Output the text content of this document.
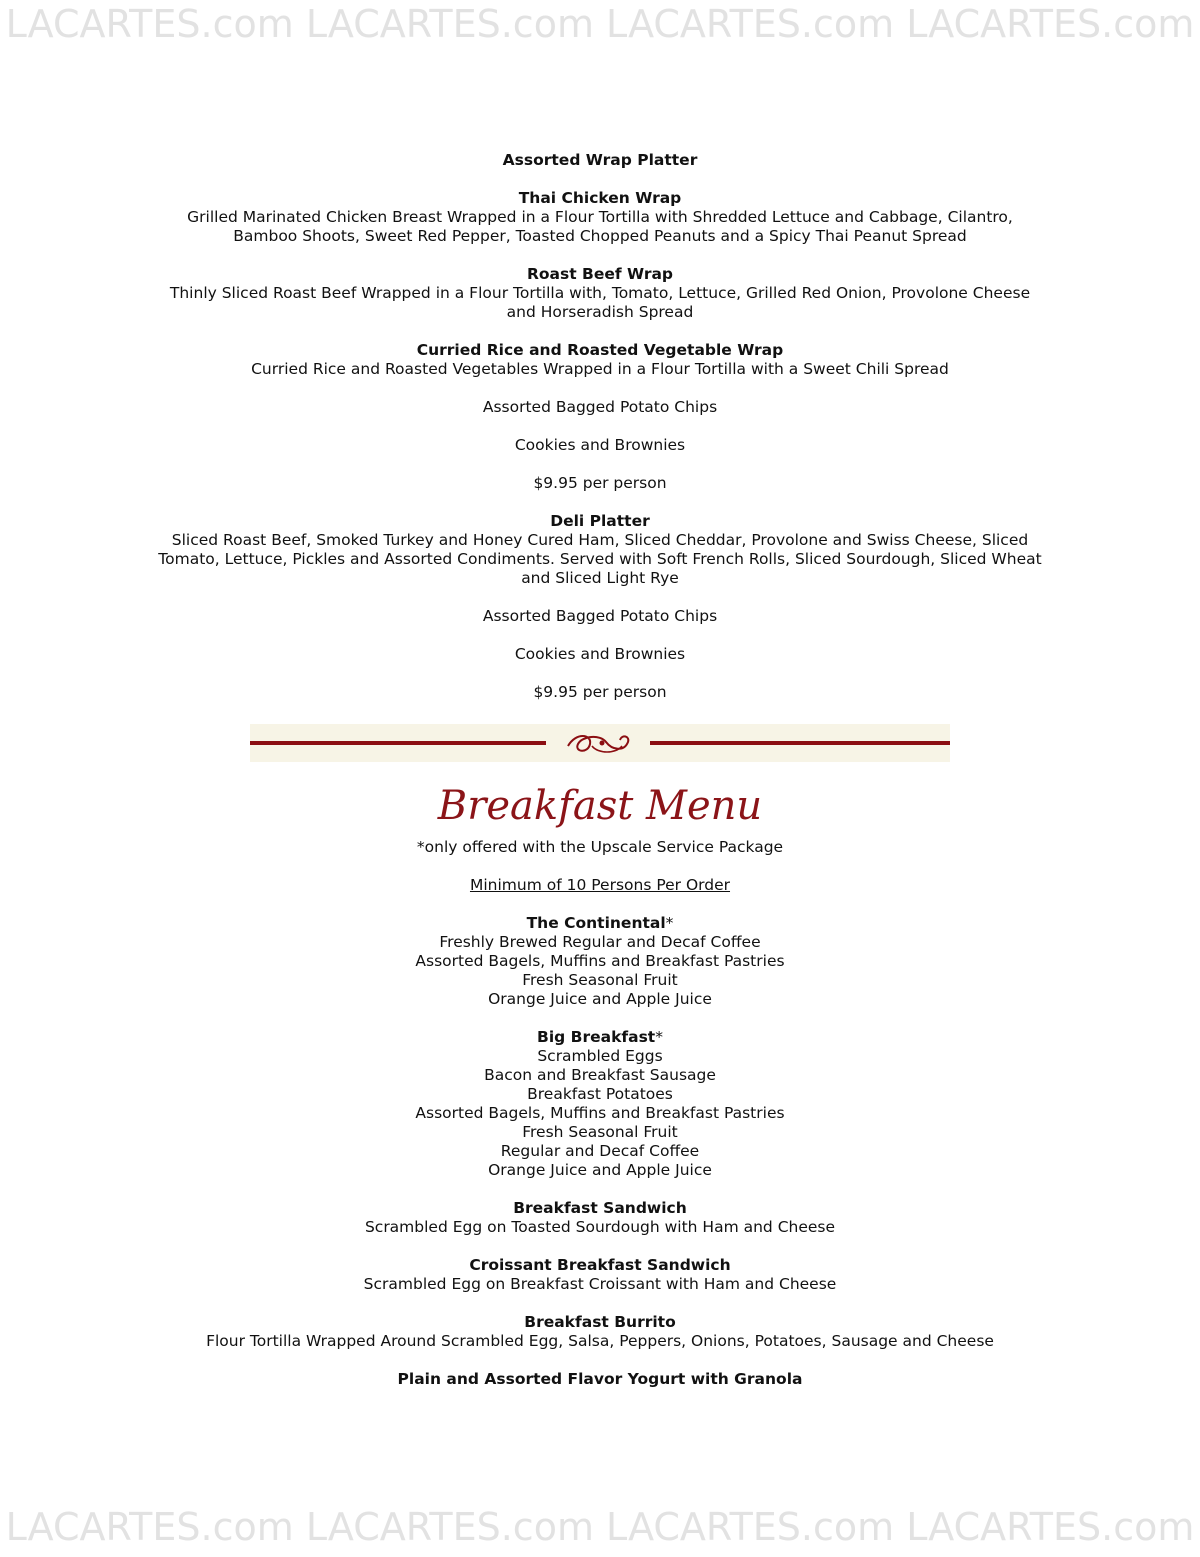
LACARTES.com LACARTES.com LACARTES.com LACARTES.com

Assorted Wrap Platter

Thai Chicken Wrap

Grilled Marinated Chicken Breast Wrapped in a Flour Tortilla with Shredded Lettuce and Cabbage, Cilantro,

Bamboo Shoots, Sweet Red Pepper, Toasted Chopped Peanuts and a Spicy Thai Peanut Spread

Roast Beef Wrap

Thinly Sliced Roast Beef Wrapped in a Flour Tortilla with, Tomato, Lettuce, Grilled Red Onion, Provolone Cheese

and Horseradish Spread

Curried Rice and Roasted Vegetable Wrap

Curried Rice and Roasted Vegetables Wrapped in a Flour Tortilla with a Sweet Chili Spread

Assorted Bagged Potato Chips

Cookies and Brownies

$9.95 per person

Deli Platter

Sliced Roast Beef, Smoked Turkey and Honey Cured Ham, Sliced Cheddar, Provolone and Swiss Cheese, Sliced

Tomato, Lettuce, Pickles and Assorted Condiments. Served with Soft French Rolls, Sliced Sourdough, Sliced Wheat

and Sliced Light Rye

Assorted Bagged Potato Chips

Cookies and Brownies

$9.95 per person

Breakfast Menu

*only offered with the Upscale Service Package

Minimum of 10 Persons Per Order

The Continental*

Freshly Brewed Regular and Decaf Coffee

Assorted Bagels, Muffins and Breakfast Pastries

Fresh Seasonal Fruit

Orange Juice and Apple Juice

Big Breakfast*

Scrambled Eggs

Bacon and Breakfast Sausage

Breakfast Potatoes

Assorted Bagels, Muffins and Breakfast Pastries

Fresh Seasonal Fruit

Regular and Decaf Coffee

Orange Juice and Apple Juice

Breakfast Sandwich

Scrambled Egg on Toasted Sourdough with Ham and Cheese

Croissant Breakfast Sandwich

Scrambled Egg on Breakfast Croissant with Ham and Cheese

Breakfast Burrito

Flour Tortilla Wrapped Around Scrambled Egg, Salsa, Peppers, Onions, Potatoes, Sausage and Cheese

Plain and Assorted Flavor Yogurt with Granola

LACARTES.com LACARTES.com LACARTES.com LACARTES.com
